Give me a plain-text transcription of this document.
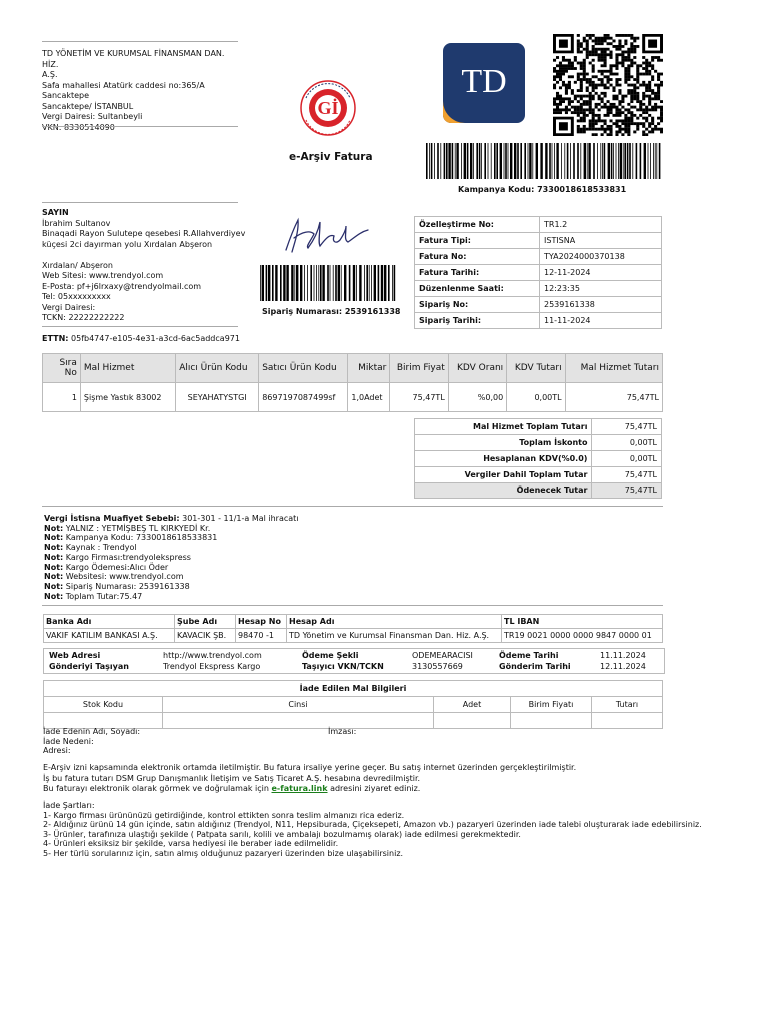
TD YÖNETİM VE KURUMSAL FİNANSMAN DAN. HİZ.
A.Ş.
Safa mahallesi Atatürk caddesi no:365/A
Sancaktepe
Sancaktepe/ İSTANBUL
Vergi Dairesi: Sultanbeyli
VKN: 8330514090
Gİ
e-Arşiv Fatura
TD
Kampanya Kodu: 7330018618533831
SAYIN
İbrahim Sultanov
Binaqadi Rayon Sulutepe qesebesi R.Allahverdiyev
küçesi 2ci dayırman yolu Xırdalan Abşeron
Xırdalan/ Abşeron
Web Sitesi: www.trendyol.com
E-Posta: pf+j6lrxaxy@trendyolmail.com
Tel: 05xxxxxxxxx
Vergi Dairesi:
TCKN: 22222222222
Sipariş Numarası: 2539161338
Özelleştirme No:	TR1.2
Fatura Tipi:	ISTISNA
Fatura No:	TYA2024000370138
Fatura Tarihi:	12-11-2024
Düzenlenme Saati:	12:23:35
Sipariş No:	2539161338
Sipariş Tarihi:	11-11-2024
ETTN: 05fb4747-e105-4e31-a3cd-6ac5addca971
Sıra No	Mal Hizmet	Alıcı Ürün Kodu	Satıcı Ürün Kodu	Miktar	Birim Fiyat	KDV Oranı	KDV Tutarı	Mal Hizmet Tutarı
1	Şişme Yastık 83002	SEYAHATYSTGI	8697197087499sf	1,0Adet	75,47TL	%0,00	0,00TL	75,47TL
Mal Hizmet Toplam Tutarı	75,47TL
Toplam İskonto	0,00TL
Hesaplanan KDV(%0.0)	0,00TL
Vergiler Dahil Toplam Tutar	75,47TL
Ödenecek Tutar	75,47TL
Vergi İstisna Muafiyet Sebebi: 301-301 - 11/1-a Mal ihracatı
Not: YALNIZ : YETMİŞBEŞ TL KIRKYEDİ Kr.
Not: Kampanya Kodu: 7330018618533831
Not: Kaynak : Trendyol
Not: Kargo Firması:trendyolekspress
Not: Kargo Ödemesi:Alıcı Öder
Not: Websitesi: www.trendyol.com
Not: Sipariş Numarası: 2539161338
Not: Toplam Tutar:75.47
Banka Adı	Şube Adı	Hesap No	Hesap Adı	TL IBAN
VAKIF KATILIM BANKASI A.Ş.	KAVACIK ŞB.	98470 -1	TD Yönetim ve Kurumsal Finansman Dan. Hiz. A.Ş.	TR19 0021 0000 0000 9847 0000 01
Web Adresi	http://www.trendyol.com	Ödeme Şekli	ODEMEARACISI	Ödeme Tarihi	11.11.2024
Gönderiyi Taşıyan	Trendyol Ekspress Kargo	Taşıyıcı VKN/TCKN	3130557669	Gönderim Tarihi	12.11.2024
İade Edilen Mal Bilgileri				
Stok Kodu	Cinsi	Adet	Birim Fiyatı	Tutarı

İade Edenin Adı, Soyadı:	İmzası:
İade Nedeni:
Adresi:
E-Arşiv izni kapsamında elektronik ortamda iletilmiştir. Bu fatura irsaliye yerine geçer. Bu satış internet üzerinden gerçekleştirilmiştir.
İş bu fatura tutarı DSM Grup Danışmanlık İletişim ve Satış Ticaret A.Ş. hesabına devredilmiştir.
Bu faturayı elektronik olarak görmek ve doğrulamak için e-fatura.link adresini ziyaret ediniz.
İade Şartları:
1- Kargo firması ürününüzü getirdiğinde, kontrol ettikten sonra teslim almanızı rica ederiz.
2- Aldığınız ürünü 14 gün içinde, satın aldığınız (Trendyol, N11, Hepsiburada, Çiçeksepeti, Amazon vb.) pazaryeri üzerinden iade talebi oluşturarak iade edebilirsiniz.
3- Ürünler, tarafınıza ulaştığı şekilde ( Patpata sarılı, kolili ve ambalajı bozulmamış olarak) iade edilmesi gerekmektedir.
4- Ürünleri eksiksiz bir şekilde, varsa hediyesi ile beraber iade edilmelidir.
5- Her türlü sorularınız için, satın almış olduğunuz pazaryeri üzerinden bize ulaşabilirsiniz.
